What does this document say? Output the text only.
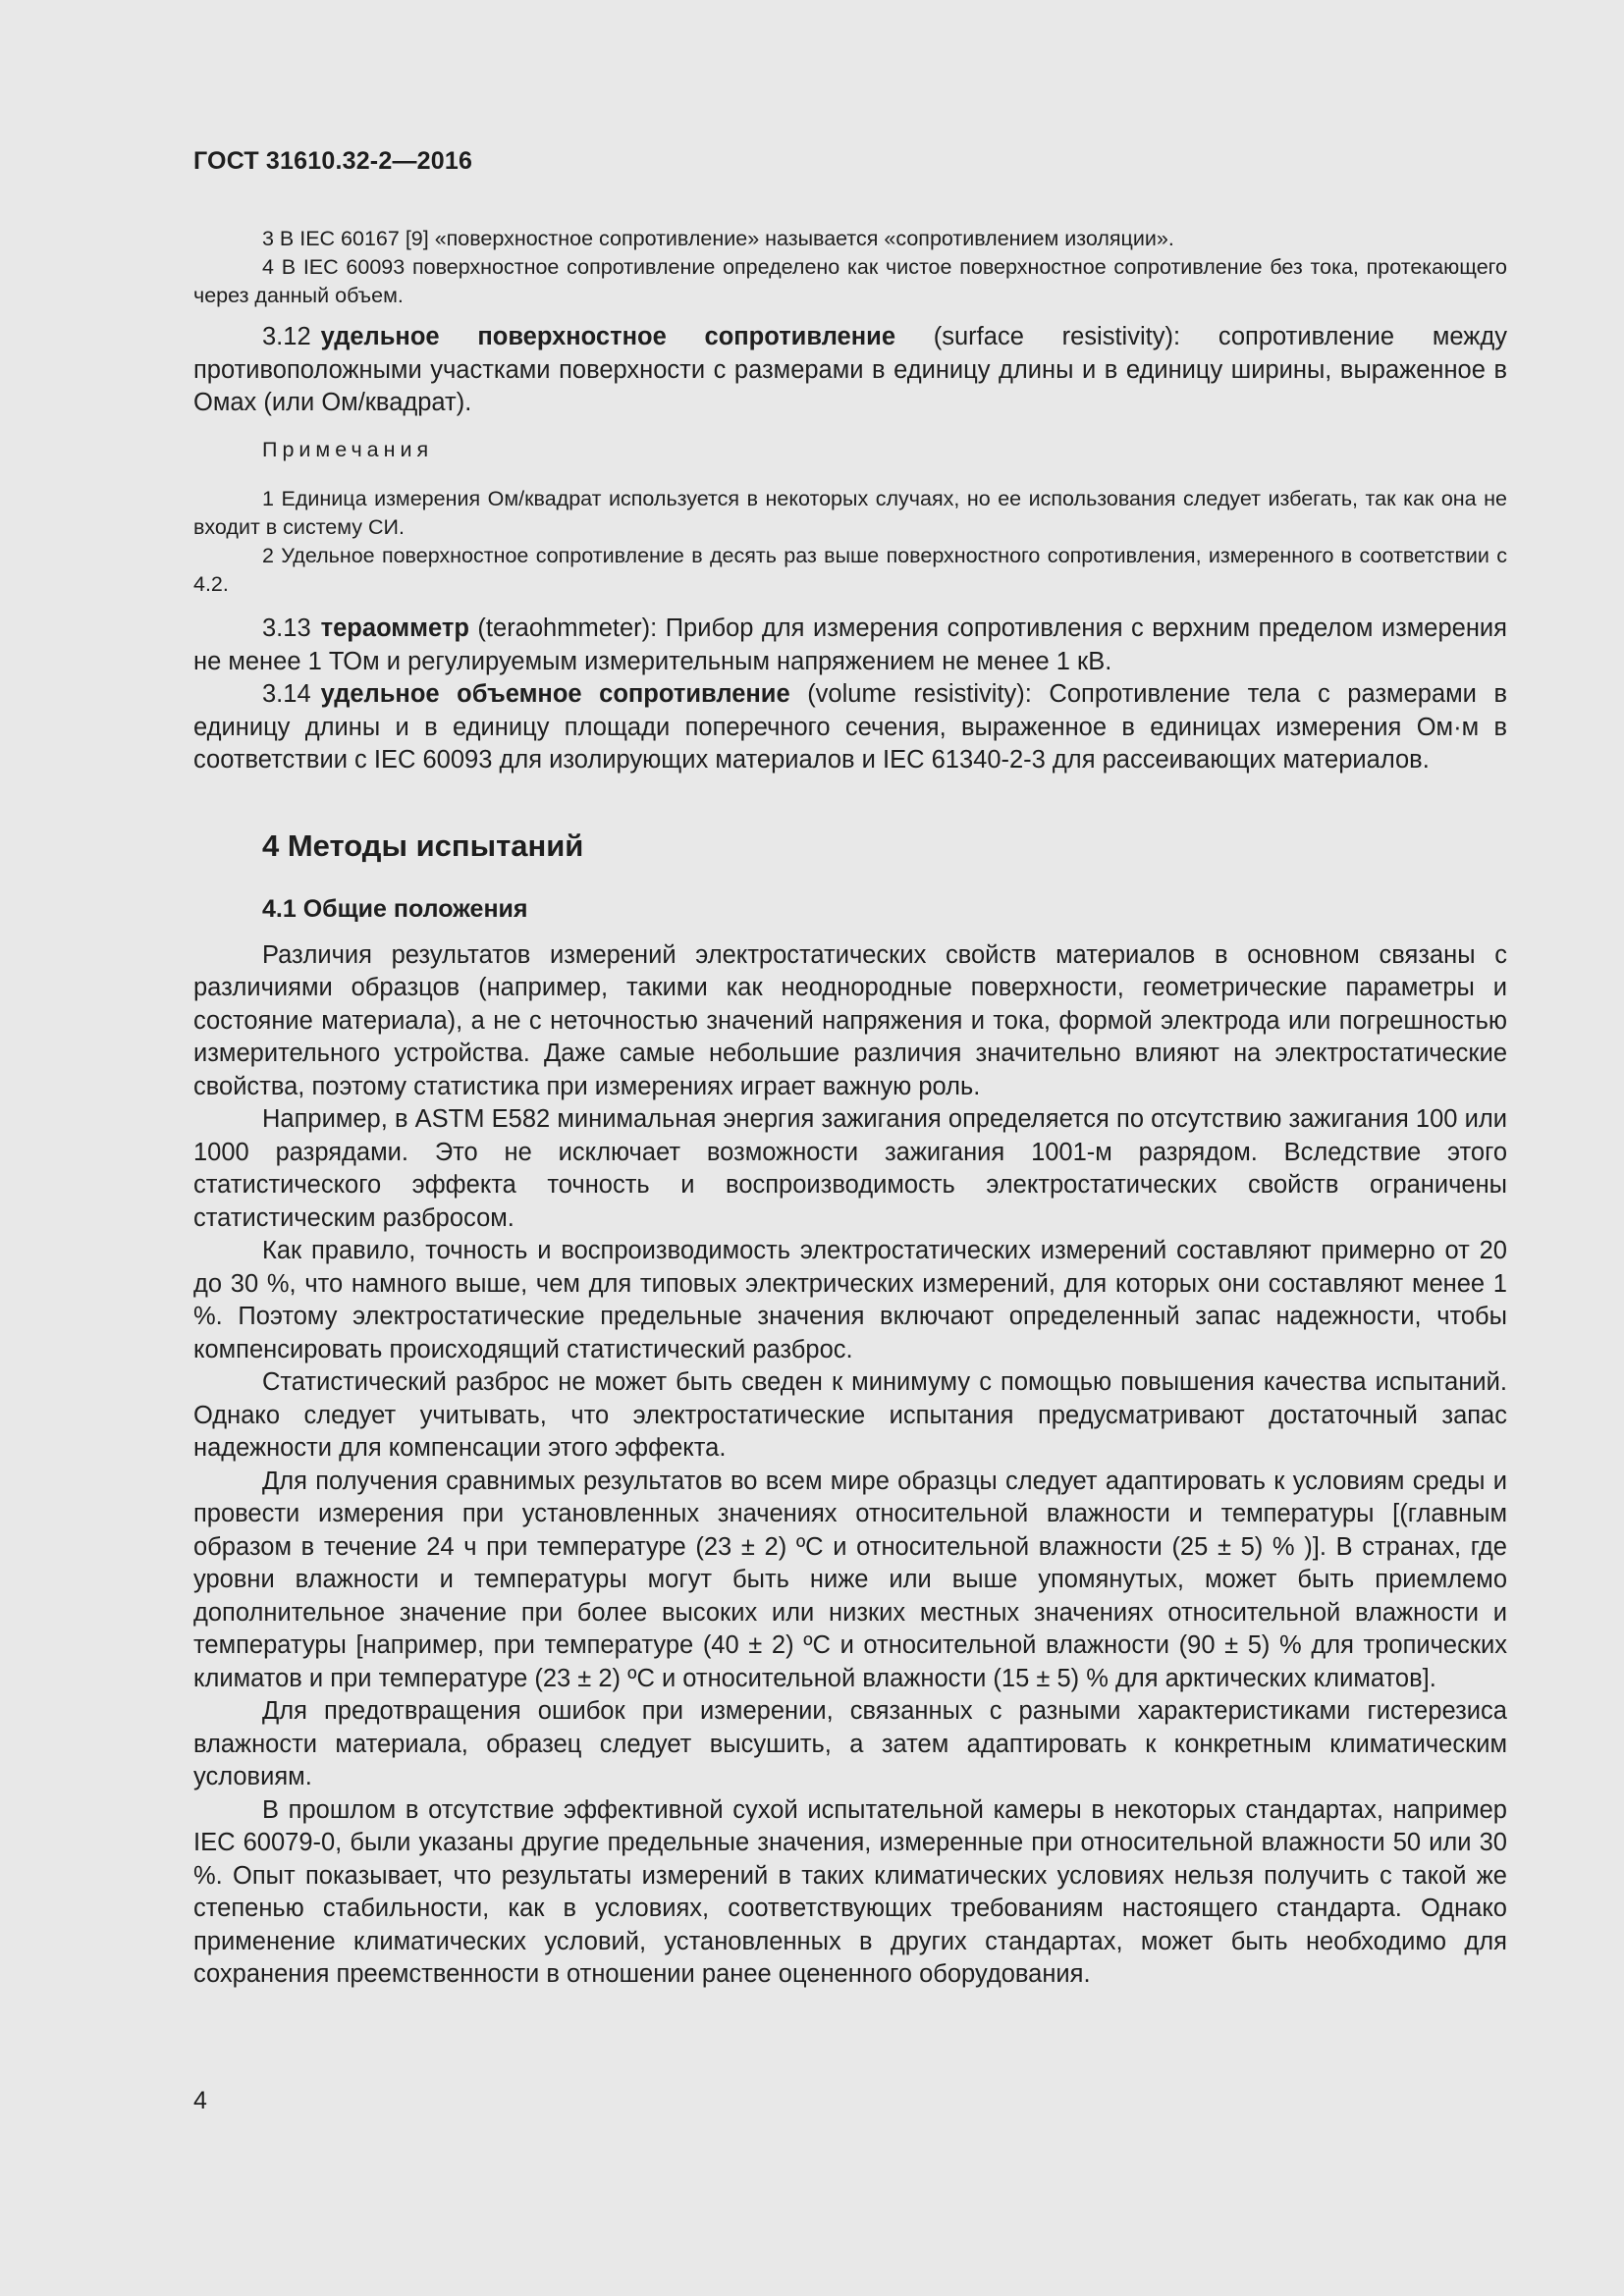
ГОСТ 31610.32-2—2016

3 В IEC 60167 [9] «поверхностное сопротивление» называется «сопротивлением изоляции».

4 В IEC 60093 поверхностное сопротивление определено как чистое поверхностное сопротивление без тока, протекающего через данный объем.

3.12 удельное поверхностное сопротивление (surface resistivity): сопротивление между противоположными участками поверхности с размерами в единицу длины и в единицу ширины, выраженное в Омах (или Ом/квадрат).

Примечания

1 Единица измерения Ом/квадрат используется в некоторых случаях, но ее использования следует избегать, так как она не входит в систему СИ.

2 Удельное поверхностное сопротивление в десять раз выше поверхностного сопротивления, измеренного в соответствии с 4.2.

3.13 тераомметр (teraohmmeter): Прибор для измерения сопротивления с верхним пределом измерения не менее 1 ТОм и регулируемым измерительным напряжением не менее 1 кВ.

3.14 удельное объемное сопротивление (volume resistivity): Сопротивление тела с размерами в единицу длины и в единицу площади поперечного сечения, выраженное в единицах измерения Ом·м в соответствии с IEC 60093 для изолирующих материалов и IEC 61340-2-3 для рассеивающих материалов.

4 Методы испытаний
4.1 Общие положения

Различия результатов измерений электростатических свойств материалов в основном связаны с различиями образцов (например, такими как неоднородные поверхности, геометрические параметры и состояние материала), а не с неточностью значений напряжения и тока, формой электрода или погрешностью измерительного устройства. Даже самые небольшие различия значительно влияют на электростатические свойства, поэтому статистика при измерениях играет важную роль.

Например, в ASTM E582 минимальная энергия зажигания определяется по отсутствию зажигания 100 или 1000 разрядами. Это не исключает возможности зажигания 1001-м разрядом. Вследствие этого статистического эффекта точность и воспроизводимость электростатических свойств ограничены статистическим разбросом.

Как правило, точность и воспроизводимость электростатических измерений составляют примерно от 20 до 30 %, что намного выше, чем для типовых электрических измерений, для которых они составляют менее 1 %. Поэтому электростатические предельные значения включают определенный запас надежности, чтобы компенсировать происходящий статистический разброс.

Статистический разброс не может быть сведен к минимуму с помощью повышения качества испытаний. Однако следует учитывать, что электростатические испытания предусматривают достаточный запас надежности для компенсации этого эффекта.

Для получения сравнимых результатов во всем мире образцы следует адаптировать к условиям среды и провести измерения при установленных значениях относительной влажности и температуры [(главным образом в течение 24 ч при температуре (23 ± 2) ºC и относительной влажности (25 ± 5) % )]. В странах, где уровни влажности и температуры могут быть ниже или выше упомянутых, может быть приемлемо дополнительное значение при более высоких или низких местных значениях относительной влажности и температуры [например, при температуре (40 ± 2) ºC и относительной влажности (90 ± 5) % для тропических климатов и при температуре (23 ± 2) ºC и относительной влажности (15 ± 5) % для арктических климатов].

Для предотвращения ошибок при измерении, связанных с разными характеристиками гистерезиса влажности материала, образец следует высушить, а затем адаптировать к конкретным климатическим условиям.

В прошлом в отсутствие эффективной сухой испытательной камеры в некоторых стандартах, например IEC 60079-0, были указаны другие предельные значения, измеренные при относительной влажности 50 или 30 %. Опыт показывает, что результаты измерений в таких климатических условиях нельзя получить с такой же степенью стабильности, как в условиях, соответствующих требованиям настоящего стандарта. Однако применение климатических условий, установленных в других стандартах, может быть необходимо для сохранения преемственности в отношении ранее оцененного оборудования.

4
